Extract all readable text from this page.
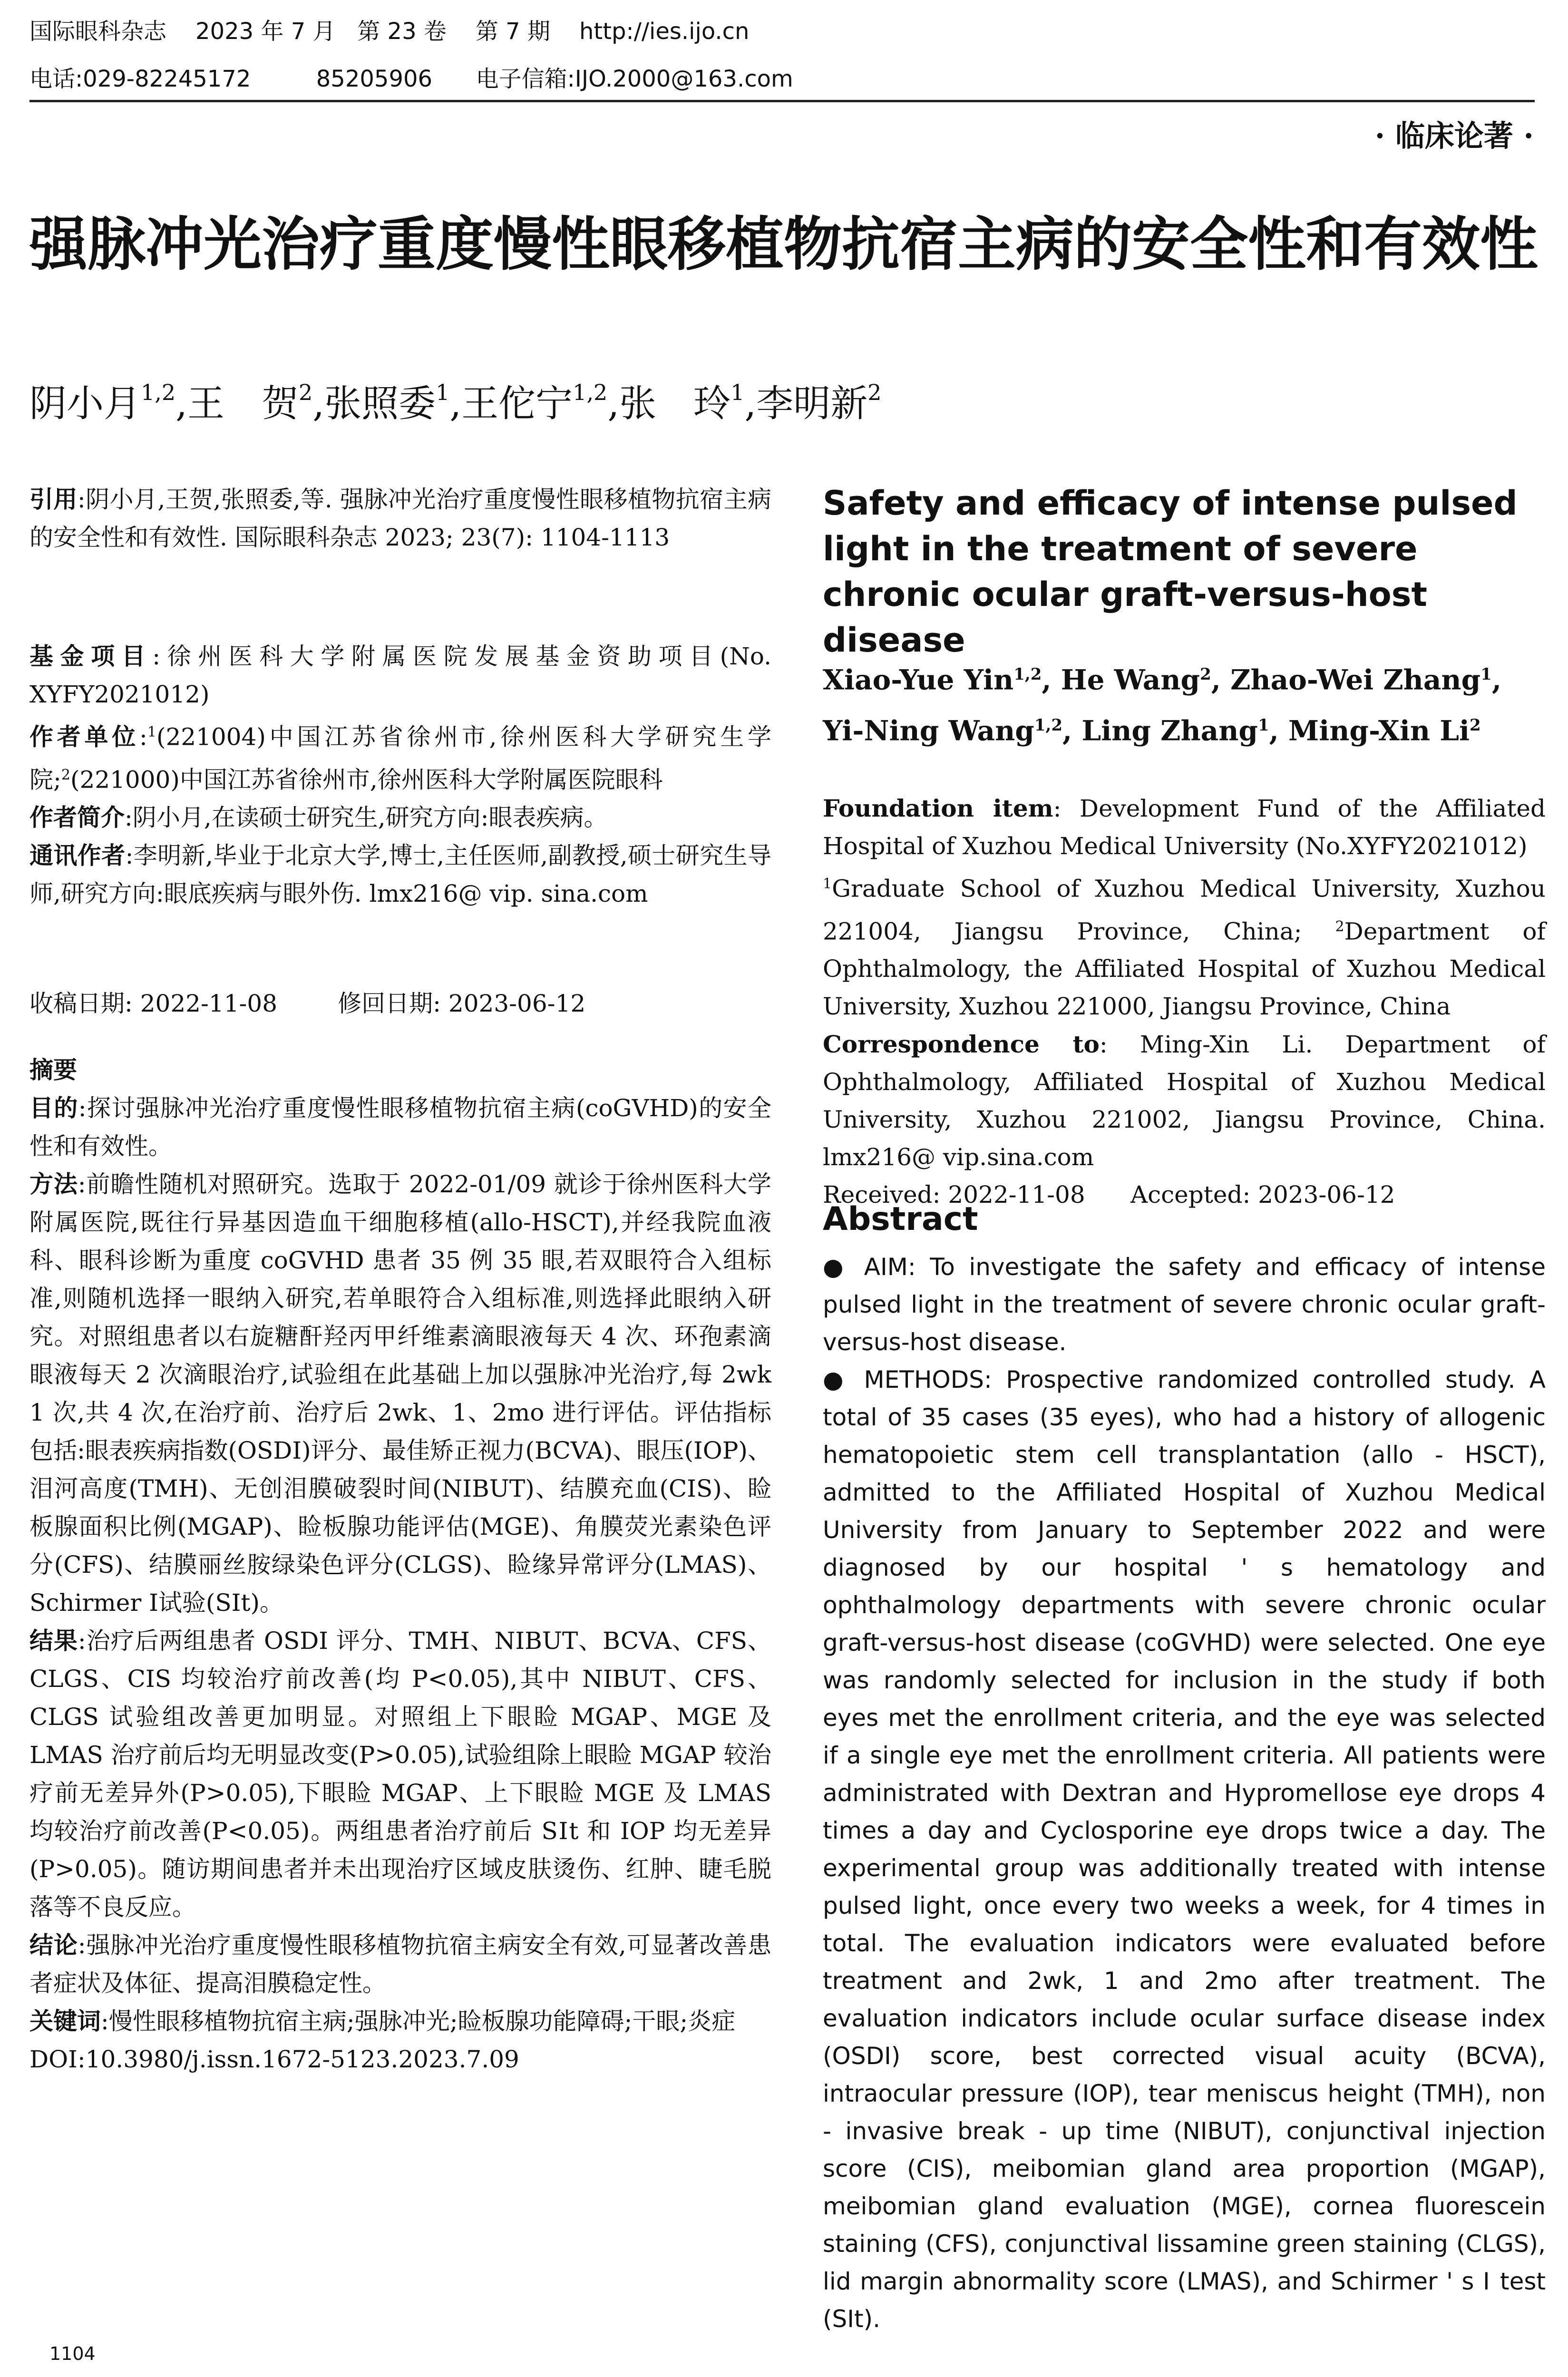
国际眼科杂志    2023 年 7 月   第 23 卷    第 7 期    http://ies.ijo.cn
电话:029-82245172         85205906      电子信箱:IJO.2000@163.com
· 临床论著 ·
强脉冲光治疗重度慢性眼移植物抗宿主病的安全性和有效性
阴小月$^{1,2}$,王　贺$^2$,张照委$^1$,王佗宁$^{1,2}$,张　玲$^1$,李明新$^2$
引用:阴小月,王贺,张照委,等. 强脉冲光治疗重度慢性眼移植物抗宿主病的安全性和有效性. 国际眼科杂志 2023; 23(7): 1104-1113
基金项目:徐州医科大学附属医院发展基金资助项目(No. XYFY2021012)
作者单位:$^1$(221004)中国江苏省徐州市,徐州医科大学研究生学院;$^2$(221000)中国江苏省徐州市,徐州医科大学附属医院眼科
作者简介:阴小月,在读硕士研究生,研究方向:眼表疾病。
通讯作者:李明新,毕业于北京大学,博士,主任医师,副教授,硕士研究生导师,研究方向:眼底疾病与眼外伤. lmx216@ vip. sina.com
收稿日期: 2022-11-08        修回日期: 2023-06-12

摘要

目的:探讨强脉冲光治疗重度慢性眼移植物抗宿主病(coGVHD)的安全性和有效性。

方法:前瞻性随机对照研究。选取于 2022-01/09 就诊于徐州医科大学附属医院,既往行异基因造血干细胞移植(allo-HSCT),并经我院血液科、眼科诊断为重度 coGVHD 患者 35 例 35 眼,若双眼符合入组标准,则随机选择一眼纳入研究,若单眼符合入组标准,则选择此眼纳入研究。对照组患者以右旋糖酐羟丙甲纤维素滴眼液每天 4 次、环孢素滴眼液每天 2 次滴眼治疗,试验组在此基础上加以强脉冲光治疗,每 2wk 1 次,共 4 次,在治疗前、治疗后 2wk、1、2mo 进行评估。评估指标包括:眼表疾病指数(OSDI)评分、最佳矫正视力(BCVA)、眼压(IOP)、泪河高度(TMH)、无创泪膜破裂时间(NIBUT)、结膜充血(CIS)、睑板腺面积比例(MGAP)、睑板腺功能评估(MGE)、角膜荧光素染色评分(CFS)、结膜丽丝胺绿染色评分(CLGS)、睑缘异常评分(LMAS)、Schirmer Ⅰ试验(SⅠt)。

结果:治疗后两组患者 OSDI 评分、TMH、NIBUT、BCVA、CFS、CLGS、CIS 均较治疗前改善(均 P<0.05),其中 NIBUT、CFS、CLGS 试验组改善更加明显。对照组上下眼睑 MGAP、MGE 及 LMAS 治疗前后均无明显改变(P>0.05),试验组除上眼睑 MGAP 较治疗前无差异外(P>0.05),下眼睑 MGAP、上下眼睑 MGE 及 LMAS 均较治疗前改善(P<0.05)。两组患者治疗前后 SⅠt 和 IOP 均无差异(P>0.05)。随访期间患者并未出现治疗区域皮肤烫伤、红肿、睫毛脱落等不良反应。

结论:强脉冲光治疗重度慢性眼移植物抗宿主病安全有效,可显著改善患者症状及体征、提高泪膜稳定性。

关键词:慢性眼移植物抗宿主病;强脉冲光;睑板腺功能障碍;干眼;炎症

DOI:10.3980/j.issn.1672-5123.2023.7.09

Safety and efficacy of intense pulsed light in the treatment of severe chronic ocular graft-versus-host disease
Xiao-Yue Yin$^{1,2}$, He Wang$^2$, Zhao-Wei Zhang$^1$, Yi-Ning Wang$^{1,2}$, Ling Zhang$^1$, Ming-Xin Li$^2$

Foundation item: Development Fund of the Affiliated Hospital of Xuzhou Medical University (No.XYFY2021012)

$^1$Graduate School of Xuzhou Medical University, Xuzhou 221004, Jiangsu Province, China; $^2$Department of Ophthalmology, the Affiliated Hospital of Xuzhou Medical University, Xuzhou 221000, Jiangsu Province, China

Correspondence to: Ming-Xin Li. Department of Ophthalmology, Affiliated Hospital of Xuzhou Medical University, Xuzhou 221002, Jiangsu Province, China. lmx216@ vip.sina.com

Received: 2022-11-08      Accepted: 2023-06-12

Abstract

● AIM: To investigate the safety and efficacy of intense pulsed light in the treatment of severe chronic ocular graft-versus-host disease.

● METHODS: Prospective randomized controlled study. A total of 35 cases (35 eyes), who had a history of allogenic hematopoietic stem cell transplantation (allo - HSCT), admitted to the Affiliated Hospital of Xuzhou Medical University from January to September 2022 and were diagnosed by our hospital ' s hematology and ophthalmology departments with severe chronic ocular graft-versus-host disease (coGVHD) were selected. One eye was randomly selected for inclusion in the study if both eyes met the enrollment criteria, and the eye was selected if a single eye met the enrollment criteria. All patients were administrated with Dextran and Hypromellose eye drops 4 times a day and Cyclosporine eye drops twice a day. The experimental group was additionally treated with intense pulsed light, once every two weeks a week, for 4 times in total. The evaluation indicators were evaluated before treatment and 2wk, 1 and 2mo after treatment. The evaluation indicators include ocular surface disease index (OSDI) score, best corrected visual acuity (BCVA), intraocular pressure (IOP), tear meniscus height (TMH), non - invasive break - up time (NIBUT), conjunctival injection score (CIS), meibomian gland area proportion (MGAP), meibomian gland evaluation (MGE), cornea fluorescein staining (CFS), conjunctival lissamine green staining (CLGS), lid margin abnormality score (LMAS), and Schirmer ' s Ⅰ test (SⅠt).

1104
